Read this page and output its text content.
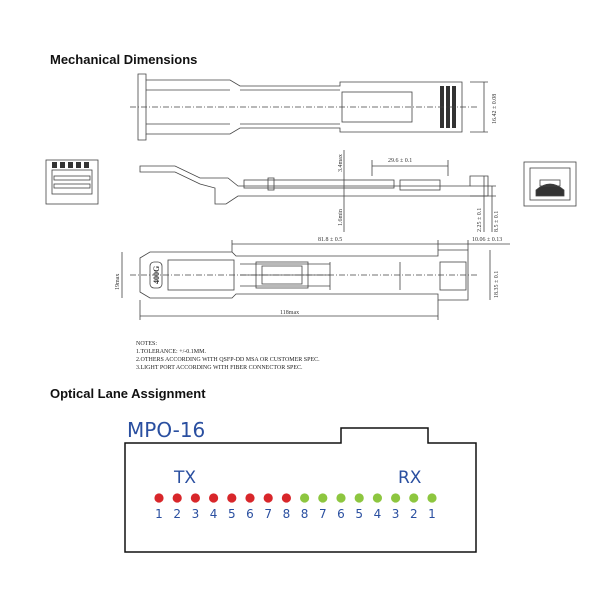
Mechanical Dimensions
Optical Lane Assignment
16.42 ± 0.08
3.4max	29.6 ± 0.1
1.6min	2.25 ± 0.1 8.5 ± 0.1
81.8 ± 0.5	10.06 ± 0.13
19max	18.35 ± 0.1
118max
400G
NOTES:
1.TOLERANCE: +/-0.1MM.
2.OTHERS ACCORDING WITH QSFP-DD MSA OR CUSTOMER SPEC.
3.LIGHT PORT ACCORDING WITH FIBER CONNECTOR SPEC.
MPO-16
TX	RX
1 2 3 4 5 6 7 8 8 7 6 5 4 3 2 1
